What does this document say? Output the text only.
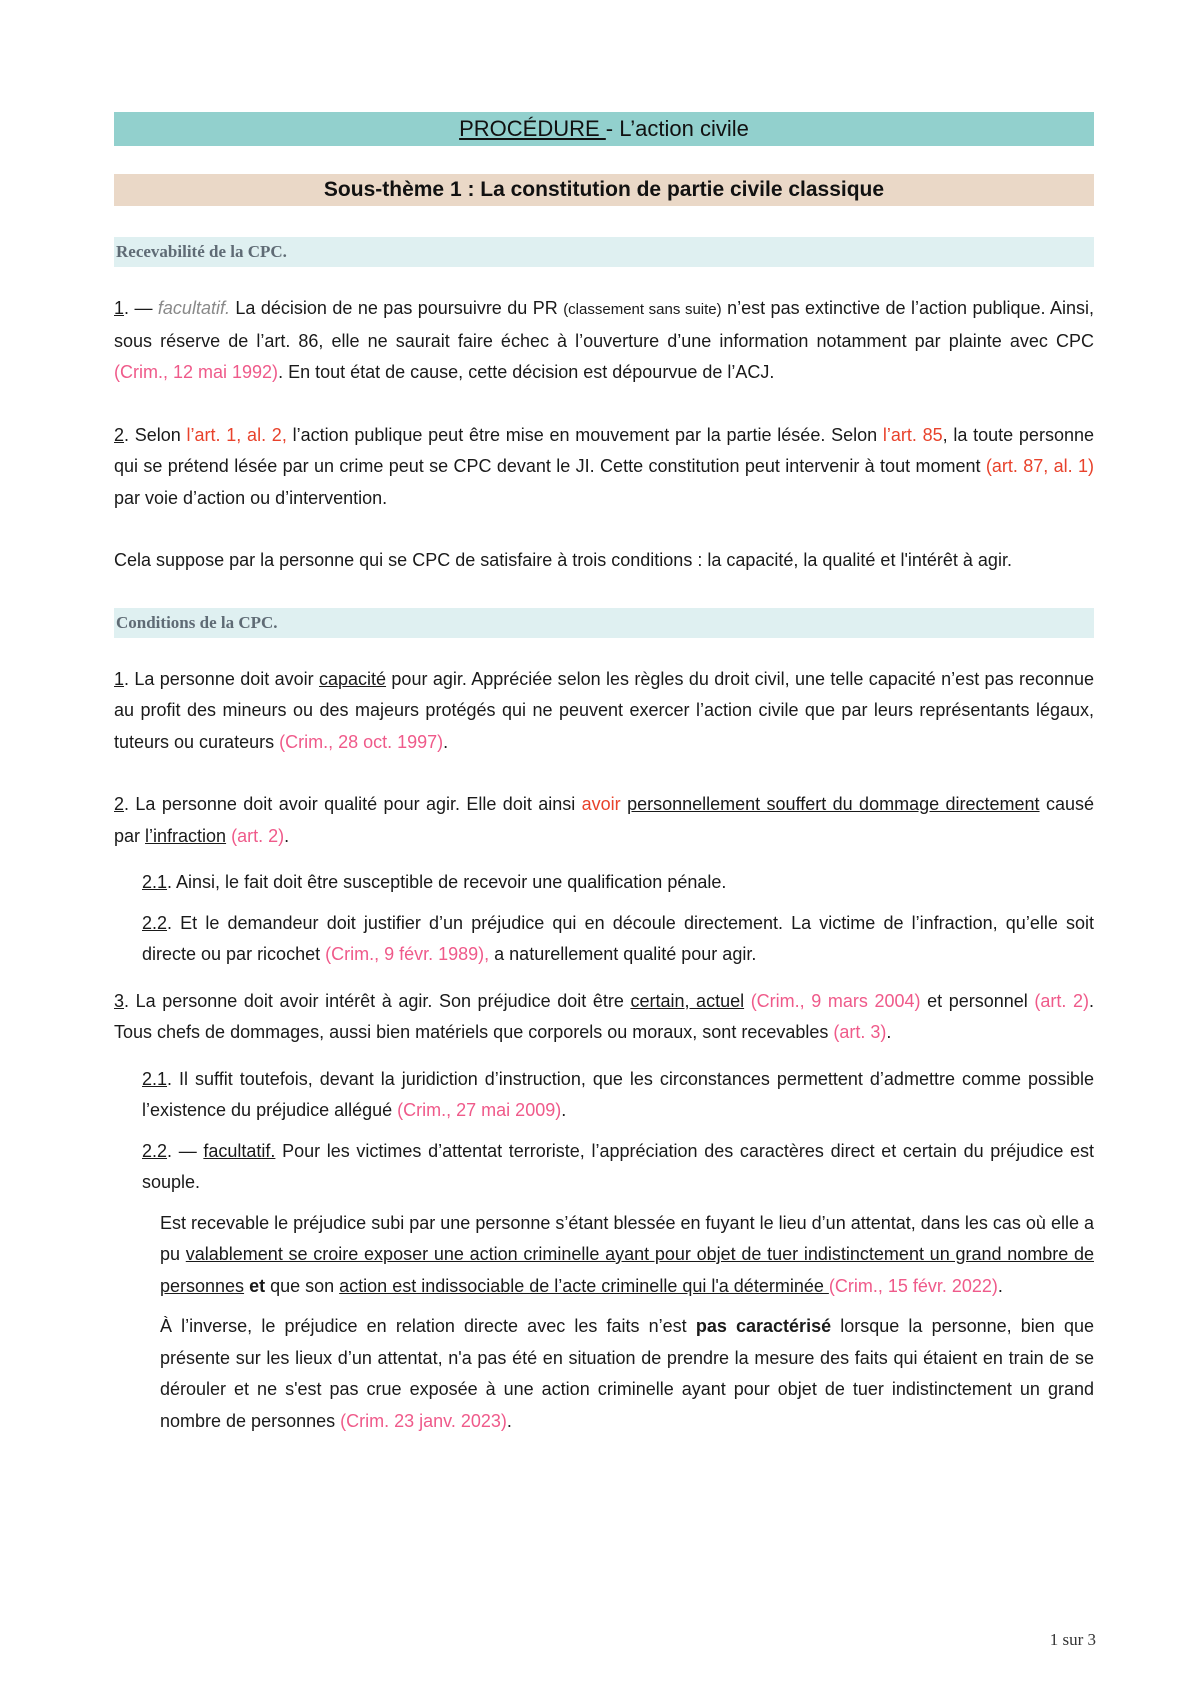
PROCÉDURE - L’action civile
Sous-thème 1 : La constitution de partie civile classique
Recevabilité de la CPC.

1. — facultatif. La décision de ne pas poursuivre du PR (classement sans suite) n’est pas extinctive de l’action publique. Ainsi, sous réserve de l’art. 86, elle ne saurait faire échec à l’ouverture d’une information notamment par plainte avec CPC (Crim., 12 mai 1992). En tout état de cause, cette décision est dépourvue de l’ACJ.

2. Selon l’art. 1, al. 2, l’action publique peut être mise en mouvement par la partie lésée. Selon l’art. 85, la toute personne qui se prétend lésée par un crime peut se CPC devant le JI. Cette constitution peut intervenir à tout moment (art. 87, al. 1) par voie d’action ou d’intervention.

Cela suppose par la personne qui se CPC de satisfaire à trois conditions : la capacité, la qualité et l'intérêt à agir.

Conditions de la CPC.

1. La personne doit avoir capacité pour agir. Appréciée selon les règles du droit civil, une telle capacité n’est pas reconnue au profit des mineurs ou des majeurs protégés qui ne peuvent exercer l’action civile que par leurs représentants légaux, tuteurs ou curateurs (Crim., 28 oct. 1997).

2. La personne doit avoir qualité pour agir. Elle doit ainsi avoir personnellement souffert du dommage directement causé par l’infraction (art. 2).

2.1. Ainsi, le fait doit être susceptible de recevoir une qualification pénale.

2.2. Et le demandeur doit justifier d’un préjudice qui en découle directement. La victime de l’infraction, qu’elle soit directe ou par ricochet (Crim., 9 févr. 1989), a naturellement qualité pour agir.

3. La personne doit avoir intérêt à agir. Son préjudice doit être certain, actuel (Crim., 9 mars 2004) et personnel (art. 2). Tous chefs de dommages, aussi bien matériels que corporels ou moraux, sont recevables (art. 3).

2.1. Il suffit toutefois, devant la juridiction d’instruction, que les circonstances permettent d’admettre comme possible l’existence du préjudice allégué (Crim., 27 mai 2009).

2.2. — facultatif. Pour les victimes d’attentat terroriste, l’appréciation des caractères direct et certain du préjudice est souple.

Est recevable le préjudice subi par une personne s’étant blessée en fuyant le lieu d’un attentat, dans les cas où elle a pu valablement se croire exposer une action criminelle ayant pour objet de tuer indistinctement un grand nombre de personnes et que son action est indissociable de l’acte criminelle qui l'a déterminée (Crim., 15 févr. 2022).

À l’inverse, le préjudice en relation directe avec les faits n’est pas caractérisé lorsque la personne, bien que présente sur les lieux d’un attentat, n'a pas été en situation de prendre la mesure des faits qui étaient en train de se dérouler et ne s'est pas crue exposée à une action criminelle ayant pour objet de tuer indistinctement un grand nombre de personnes (Crim. 23 janv. 2023).

1 sur 3
